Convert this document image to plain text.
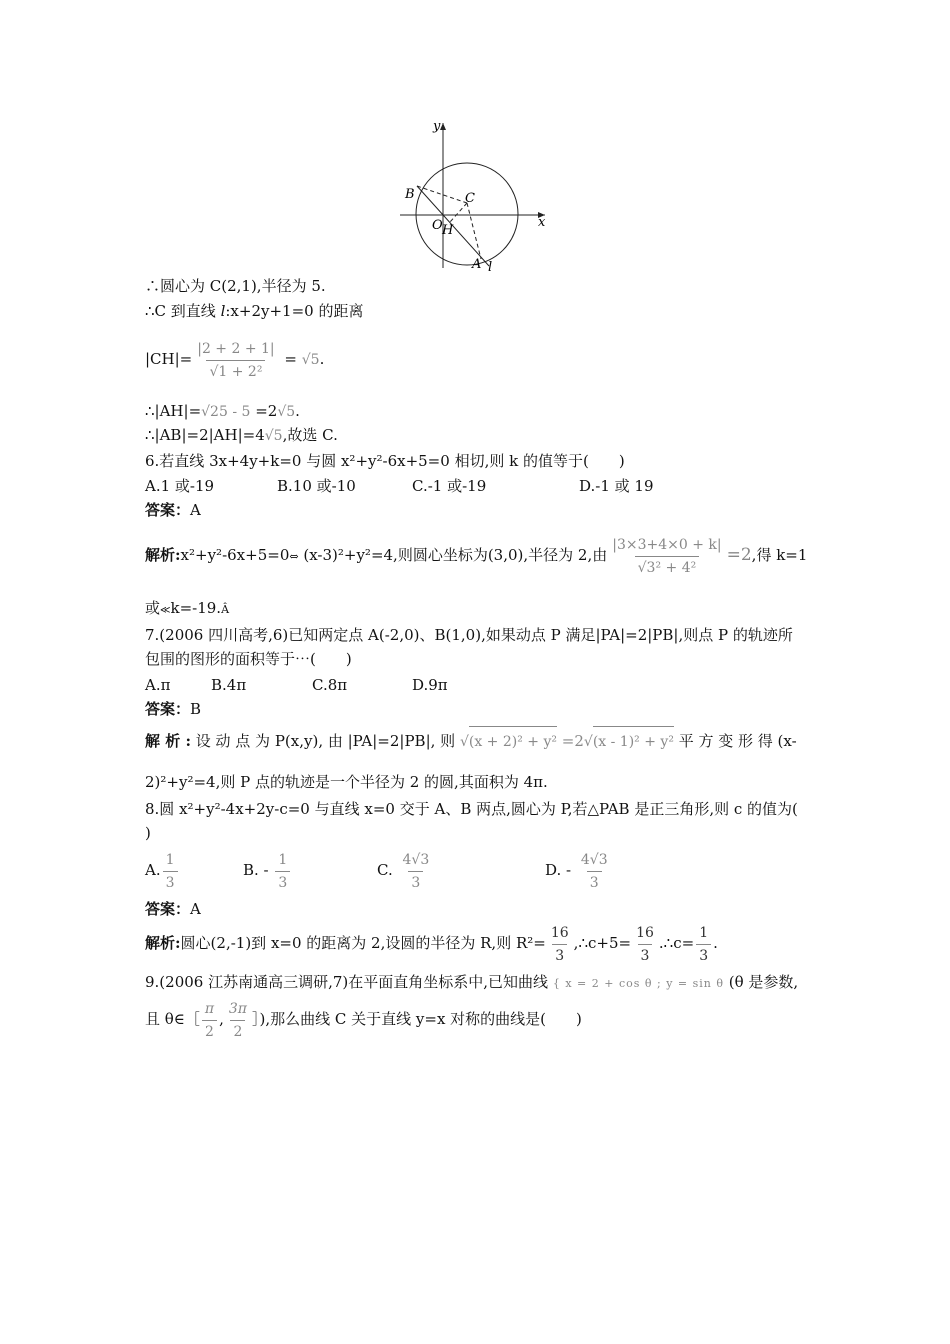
y
x
B	C
O H
A l
∴圆心为 C(2,1),半径为 5.
∴C 到直线 l:x+2y+1=0 的距离
$|CH|= \frac{|2 + 2 + 1|}{\text{√1 + 2²}} = √5$.
∴|AH|=√25 - 5 =2√5.
∴|AB|=2|AH|=4√5,故选 C.
6.若直线 3x+4y+k=0 与圆 x²+y²-6x+5=0 相切,则 k 的值等于(　　)
A.1 或-19	B.10 或-10	C.-1 或-19	D.-1 或 19
答案：A
解析:x²+y²-6x+5=0⇔ (x-3)²+y²=4,则圆心坐标为(3,0),半径为 2,由 $\frac{|3\times 3+4\times 0 + k|}{\text{√3² + 4²}} =2$,得 k=1
或≪k=-19.Â
7.(2006 四川高考,6)已知两定点 A(-2,0)、B(1,0),如果动点 P 满足|PA|=2|PB|,则点 P 的轨迹所
包围的图形的面积等于⋯(　　)
A.π	B.4π	C.8π	D.9π
答案：B
解 析 : 设 动 点 为 P(x,y), 由 |PA|=2|PB|, 则 √(x + 2)² + y² =2√(x - 1)² + y² 平 方 变 形 得 (x-
2)²+y²=4,则 P 点的轨迹是一个半径为 2 的圆,其面积为 4π.
8.圆 x²+y²-4x+2y-c=0 与直线 x=0 交于 A、B 两点,圆心为 P,若△PAB 是正三角形,则 c 的值为(
)
A. $\frac{1}{3}$	B. - $\frac{1}{3}$	C. $\frac{4√3}{3}$	D. - $\frac{4√3}{3}$
答案：A
解析:圆心(2,-1)到 x=0 的距离为 2,设圆的半径为 R,则 $R^2= \frac{16}{3}$ ,∴c+5= $\frac{16}{3}$ .∴c= $\frac{1}{3}$ .
9.(2006 江苏南通高三调研,7)在平面直角坐标系中,已知曲线 { x = 2 + cos θ ; y = sin θ (θ 是参数,
且 θ∈［ $\frac{\pi}{2}$ , $\frac{3\pi}{2}$ ］),那么曲线 C 关于直线 y=x 对称的曲线是(　　)
